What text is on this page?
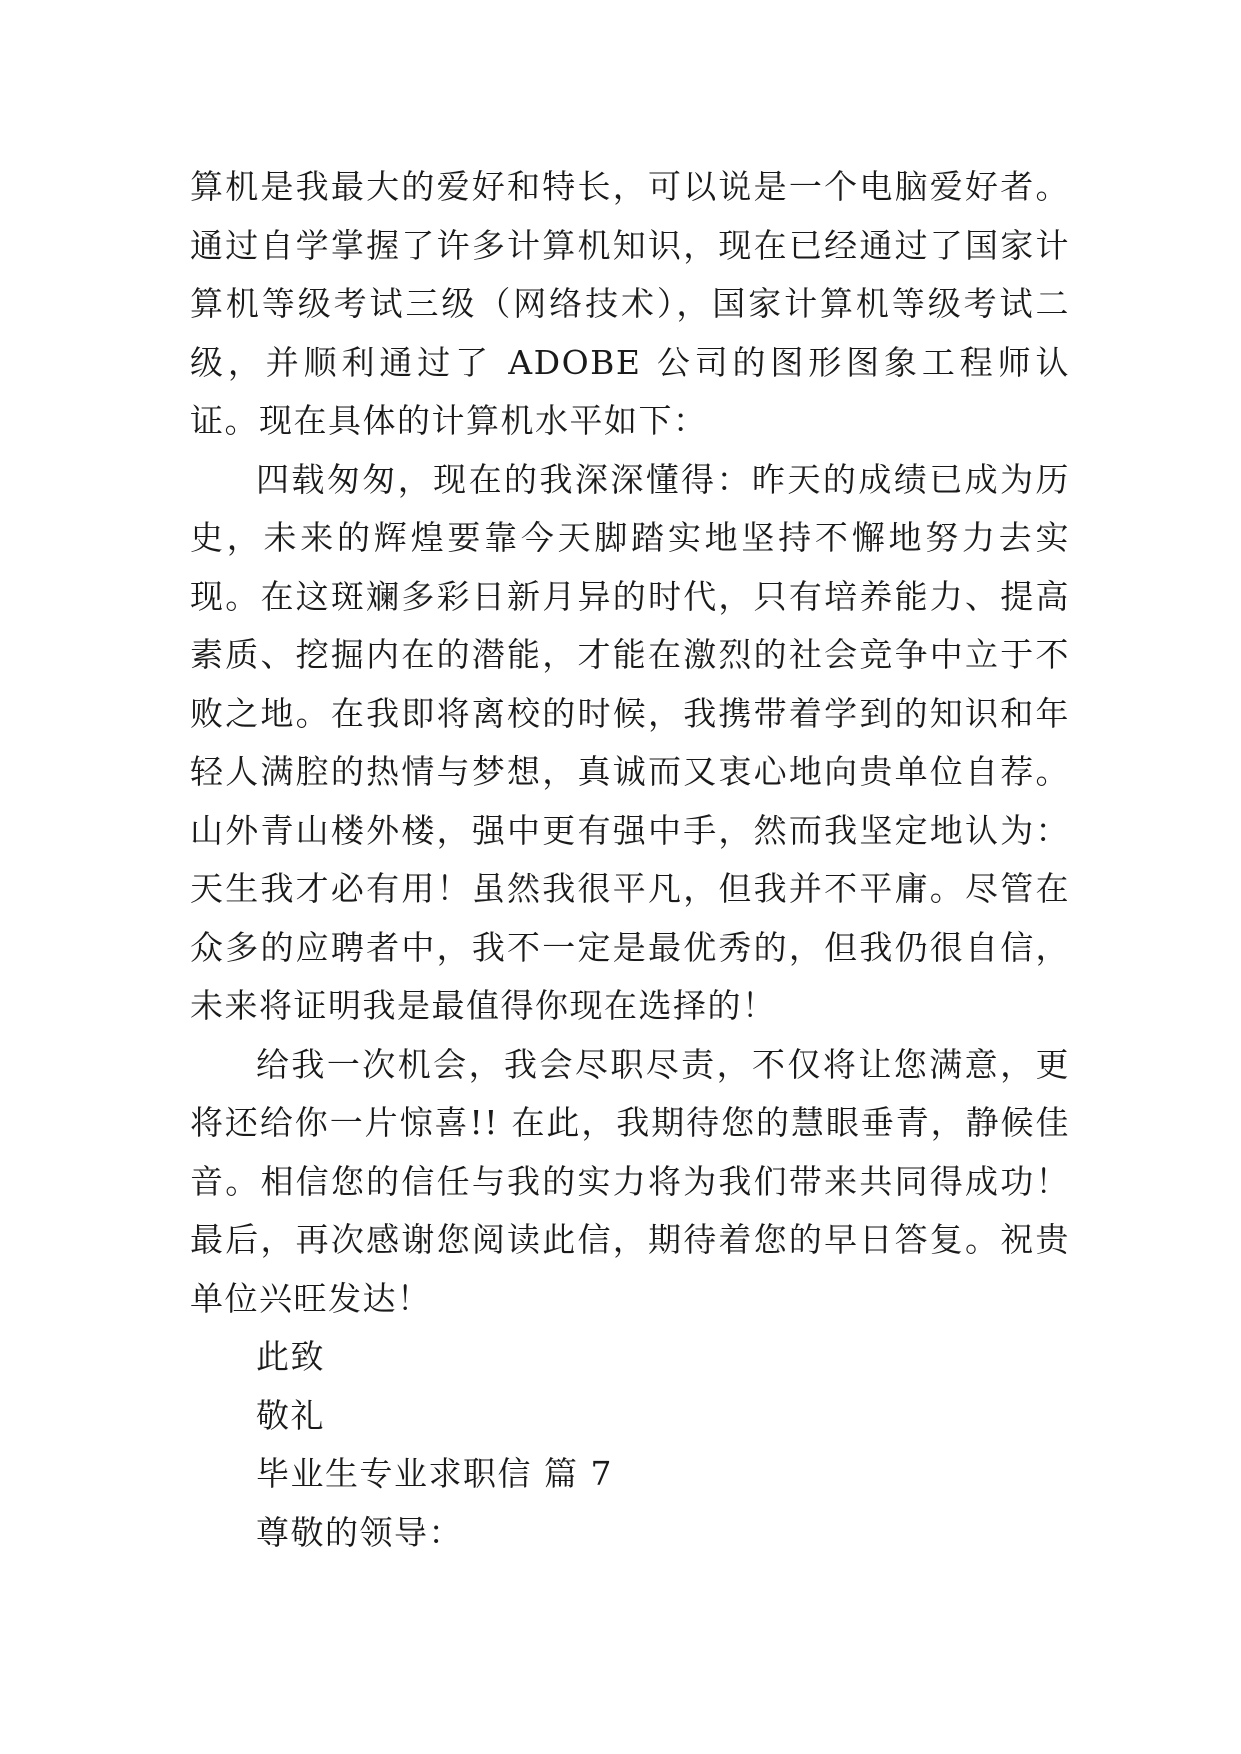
算机是我最大的爱好和特长，可以说是一个电脑爱好者。通过自学掌握了许多计算机知识，现在已经通过了国家计算机等级考试三级（网络技术），国家计算机等级考试二级，并顺利通过了 ADOBE 公司的图形图象工程师认证。现在具体的计算机水平如下：

四载匆匆，现在的我深深懂得：昨天的成绩已成为历史，未来的辉煌要靠今天脚踏实地坚持不懈地努力去实现。在这斑斓多彩日新月异的时代，只有培养能力、提高素质、挖掘内在的潜能，才能在激烈的社会竞争中立于不败之地。在我即将离校的时候，我携带着学到的知识和年轻人满腔的热情与梦想，真诚而又衷心地向贵单位自荐。山外青山楼外楼，强中更有强中手，然而我坚定地认为：天生我才必有用！虽然我很平凡，但我并不平庸。尽管在众多的应聘者中，我不一定是最优秀的，但我仍很自信，未来将证明我是最值得你现在选择的！

给我一次机会，我会尽职尽责，不仅将让您满意，更将还给你一片惊喜!! 在此，我期待您的慧眼垂青，静候佳音。相信您的信任与我的实力将为我们带来共同得成功！最后，再次感谢您阅读此信，期待着您的早日答复。祝贵单位兴旺发达！

此致

敬礼

毕业生专业求职信 篇 7

尊敬的领导：
